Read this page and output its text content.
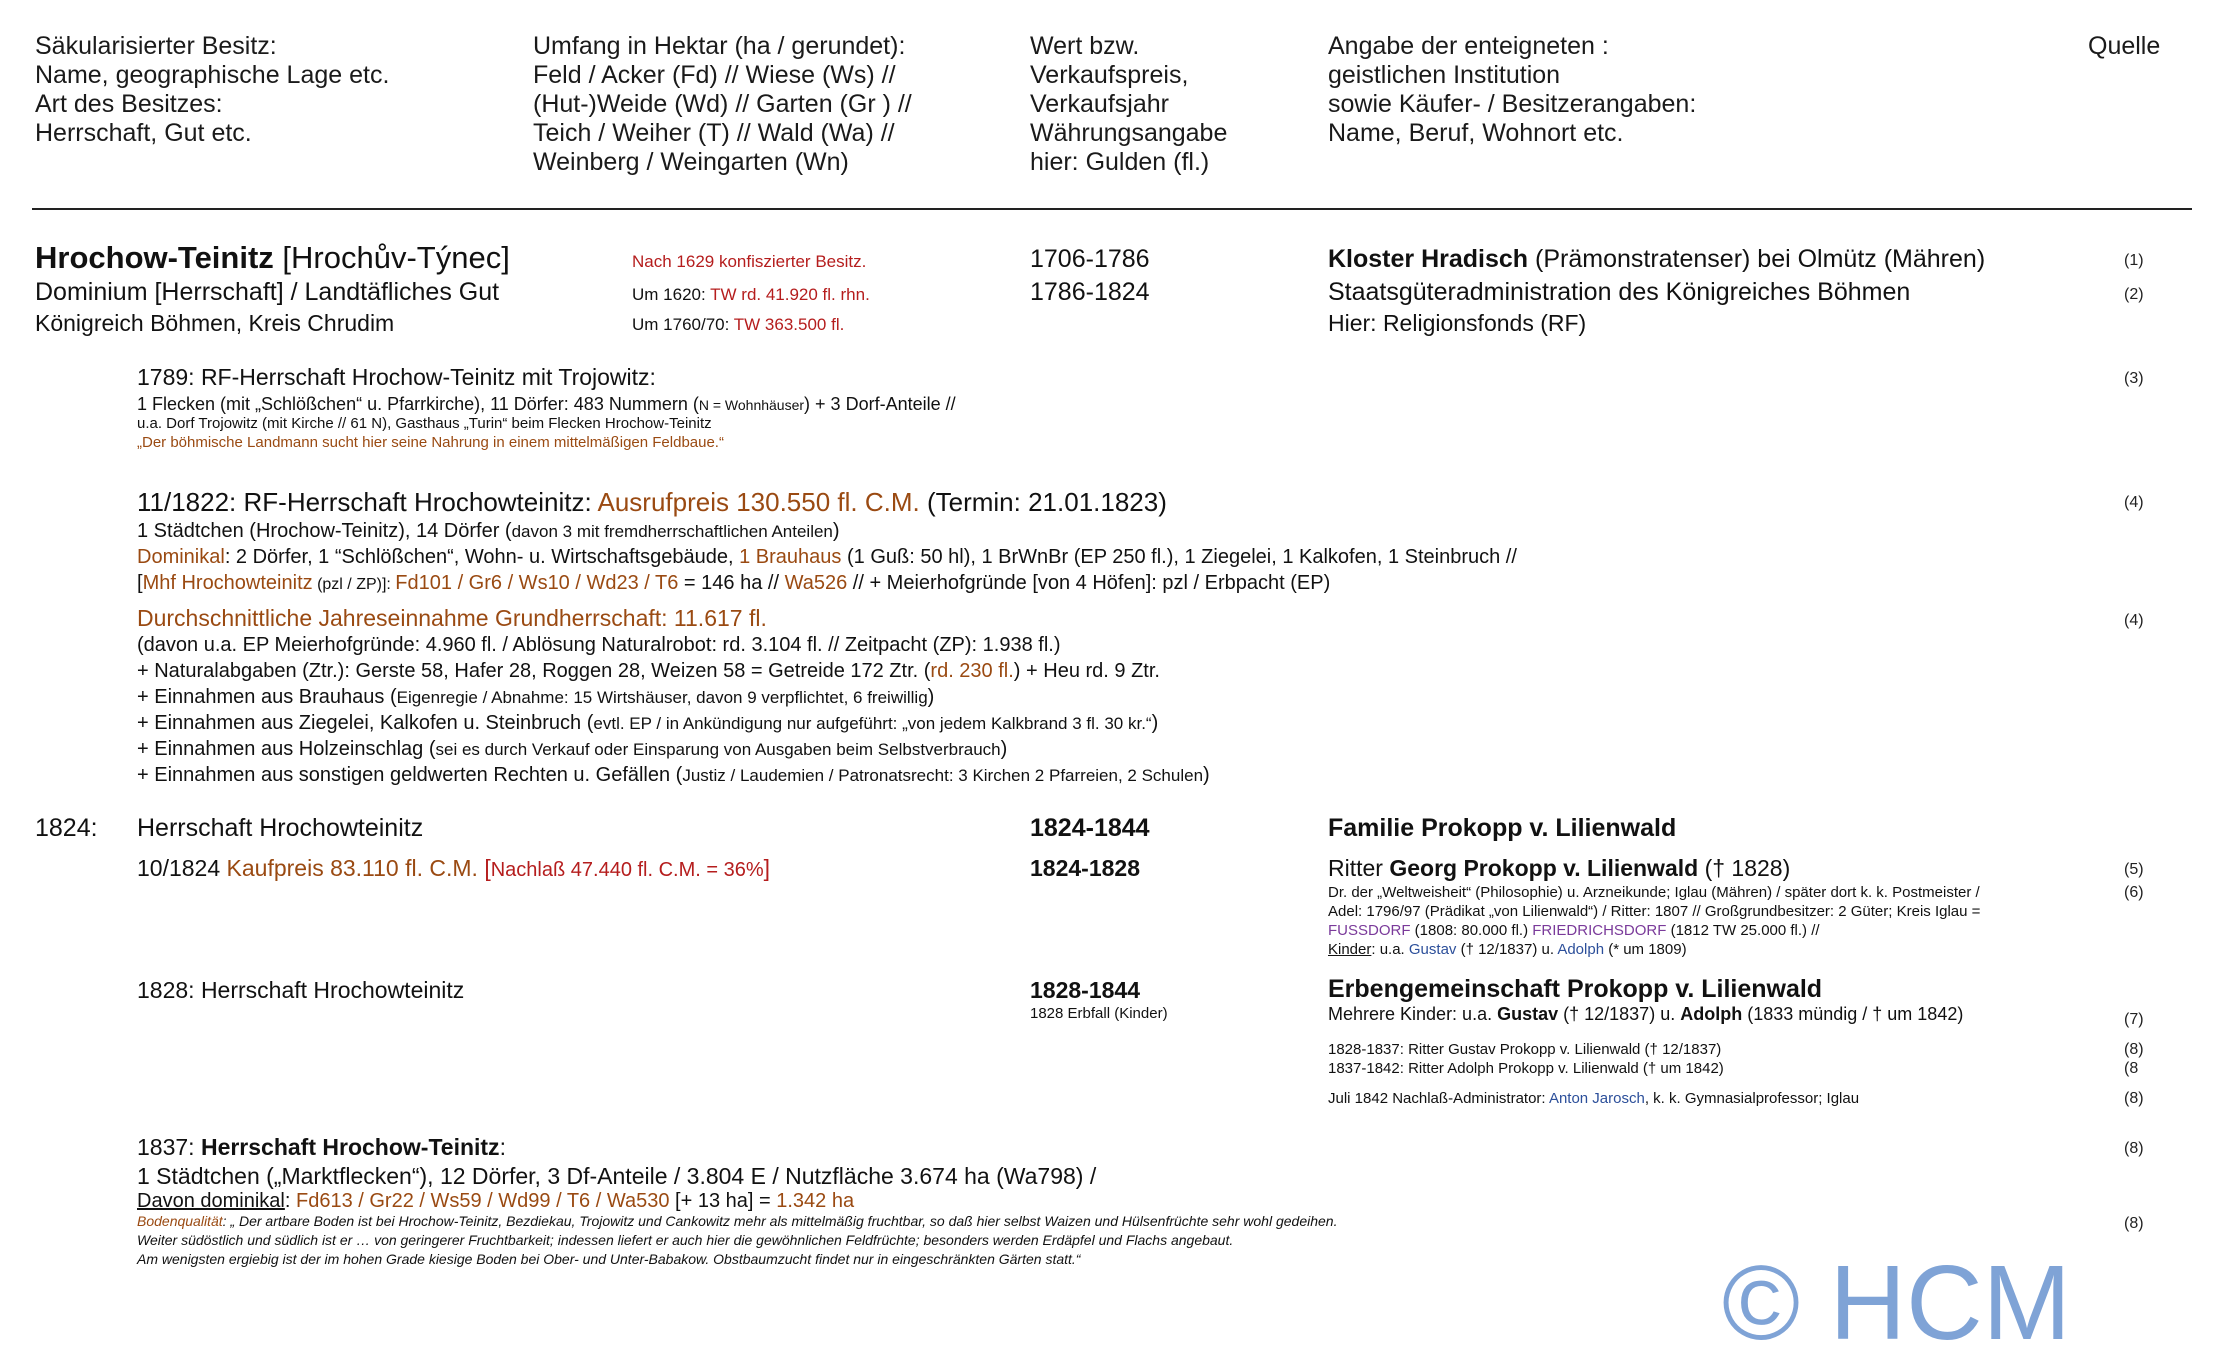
Säkularisierter Besitz:
Name, geographische Lage etc.
Art des Besitzes:
Herrschaft, Gut etc.
Umfang in Hektar (ha / gerundet):
Feld / Acker (Fd) // Wiese (Ws) //
(Hut-)Weide (Wd) // Garten (Gr ) //
Teich / Weiher (T) // Wald (Wa) //
Weinberg / Weingarten (Wn)
Wert bzw.
Verkaufspreis,
Verkaufsjahr
Währungsangabe
hier: Gulden (fl.)
Angabe der enteigneten :
geistlichen Institution
sowie Käufer- / Besitzerangaben:
Name, Beruf, Wohnort etc.
Quelle
Hrochow-Teinitz [Hrochův-Týnec]
Dominium [Herrschaft] / Landtäfliches Gut
Königreich Böhmen, Kreis Chrudim
Nach 1629 konfiszierter Besitz.
Um 1620: TW rd. 41.920 fl. rhn.
Um 1760/70: TW 363.500 fl.
1706-1786
1786-1824
Kloster Hradisch (Prämonstratenser) bei Olmütz (Mähren)
Staatsgüteradministration des Königreiches Böhmen
Hier: Religionsfonds (RF)
(1)
(2)
1789: RF-Herrschaft Hrochow-Teinitz mit Trojowitz:
1 Flecken (mit „Schlößchen“ u. Pfarrkirche), 11 Dörfer: 483 Nummern (N = Wohnhäuser) + 3 Dorf-Anteile //
u.a. Dorf Trojowitz (mit Kirche // 61 N), Gasthaus „Turin“ beim Flecken Hrochow-Teinitz
„Der böhmische Landmann sucht hier seine Nahrung in einem mittelmäßigen Feldbaue.“
(3)
11/1822: RF-Herrschaft Hrochowteinitz: Ausrufpreis 130.550 fl. C.M. (Termin: 21.01.1823)
1 Städtchen (Hrochow-Teinitz), 14 Dörfer (davon 3 mit fremdherrschaftlichen Anteilen)
Dominikal: 2 Dörfer, 1 “Schlößchen“, Wohn- u. Wirtschaftsgebäude, 1 Brauhaus (1 Guß: 50 hl), 1 BrWnBr (EP 250 fl.), 1 Ziegelei, 1 Kalkofen, 1 Steinbruch //
[Mhf Hrochowteinitz (pzl / ZP)]: Fd101 / Gr6 / Ws10 / Wd23 / T6 = 146 ha // Wa526 // + Meierhofgründe [von 4 Höfen]: pzl / Erbpacht (EP)
(4)
Durchschnittliche Jahreseinnahme Grundherrschaft: 11.617 fl.
(davon u.a. EP Meierhofgründe: 4.960 fl. / Ablösung Naturalrobot: rd. 3.104 fl. // Zeitpacht (ZP): 1.938 fl.)
+ Naturalabgaben (Ztr.): Gerste 58, Hafer 28, Roggen 28, Weizen 58 = Getreide 172 Ztr. (rd. 230 fl.) + Heu rd. 9 Ztr.
+ Einnahmen aus Brauhaus (Eigenregie / Abnahme: 15 Wirtshäuser, davon 9 verpflichtet, 6 freiwillig)
+ Einnahmen aus Ziegelei, Kalkofen u. Steinbruch (evtl. EP / in Ankündigung nur aufgeführt: „von jedem Kalkbrand 3 fl. 30 kr.“)
+ Einnahmen aus Holzeinschlag (sei es durch Verkauf oder Einsparung von Ausgaben beim Selbstverbrauch)
+ Einnahmen aus sonstigen geldwerten Rechten u. Gefällen (Justiz / Laudemien / Patronatsrecht: 3 Kirchen 2 Pfarreien, 2 Schulen)
(4)
1824: Herrschaft Hrochowteinitz
10/1824 Kaufpreis 83.110 fl. C.M. [Nachlaß 47.440 fl. C.M. = 36%]
1824-1844
1824-1828
Familie Prokopp v. Lilienwald
Ritter Georg Prokopp v. Lilienwald († 1828)
Dr. der „Weltweisheit“ (Philosophie) u. Arzneikunde; Iglau (Mähren) / später dort k. k. Postmeister /
Adel: 1796/97 (Prädikat „von Lilienwald“) / Ritter: 1807 // Großgrundbesitzer: 2 Güter; Kreis Iglau =
FUSSDORF (1808: 80.000 fl.) FRIEDRICHSDORF (1812 TW 25.000 fl.) //
Kinder: u.a. Gustav († 12/1837) u. Adolph (* um 1809)
(5)
(6)
1828: Herrschaft Hrochowteinitz	1828-1844
1828 Erbfall (Kinder)
Erbengemeinschaft Prokopp v. Lilienwald
Mehrere Kinder: u.a. Gustav († 12/1837) u. Adolph (1833 mündig / † um 1842)
1828-1837: Ritter Gustav Prokopp v. Lilienwald († 12/1837)
1837-1842: Ritter Adolph Prokopp v. Lilienwald († um 1842)
Juli 1842 Nachlaß-Administrator: Anton Jarosch, k. k. Gymnasialprofessor; Iglau
(7)
(8)
(8
(8)
1837: Herrschaft Hrochow-Teinitz:
1 Städtchen („Marktflecken“), 12 Dörfer, 3 Df-Anteile / 3.804 E / Nutzfläche 3.674 ha (Wa798) /
Davon dominikal: Fd613 / Gr22 / Ws59 / Wd99 / T6 / Wa530 [+ 13 ha] = 1.342 ha
Bodenqualität: „ Der artbare Boden ist bei Hrochow-Teinitz, Bezdiekau, Trojowitz und Cankowitz mehr als mittelmäßig fruchtbar, so daß hier selbst Waizen und Hülsenfrüchte sehr wohl gedeihen.
Weiter südöstlich und südlich ist er … von geringerer Fruchtbarkeit; indessen liefert er auch hier die gewöhnlichen Feldfrüchte; besonders werden Erdäpfel und Flachs angebaut.
Am wenigsten ergiebig ist der im hohen Grade kiesige Boden bei Ober- und Unter-Babakow. Obstbaumzucht findet nur in eingeschränkten Gärten statt.“
(8)
(8)
© HCM
